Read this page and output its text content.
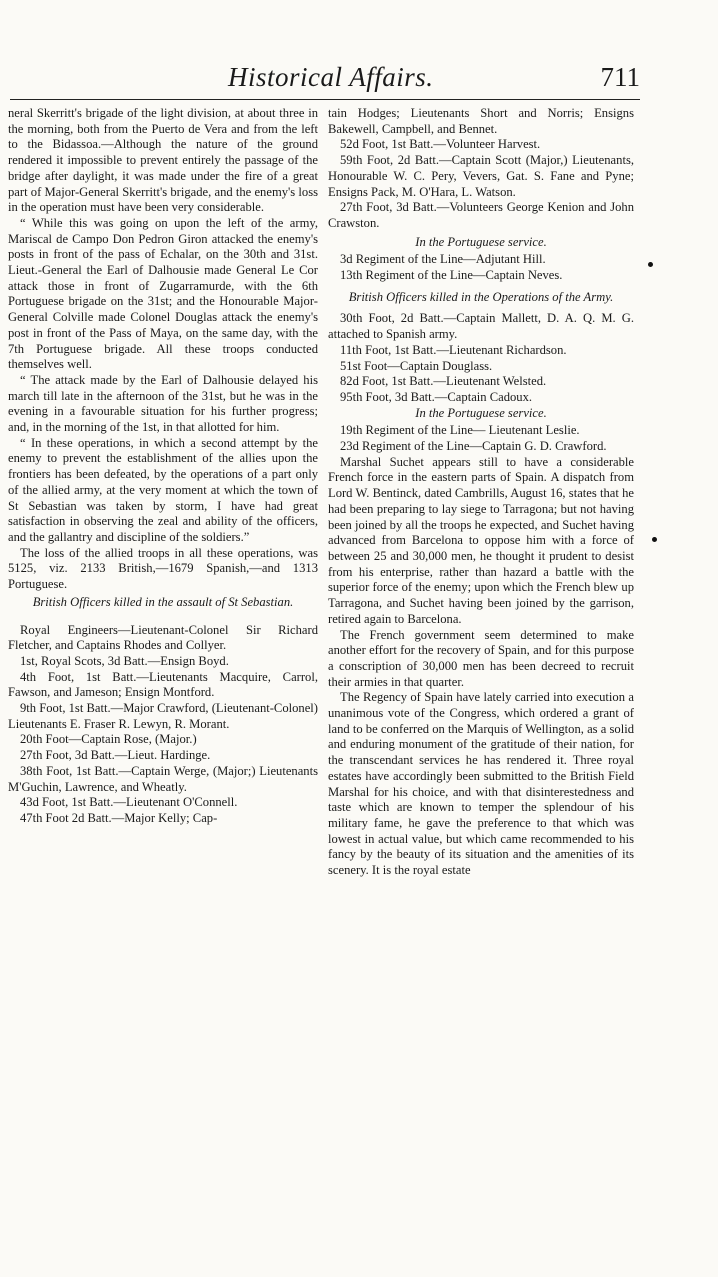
Historical Affairs.	711

neral Skerritt's brigade of the light division, at about three in the morning, both from the Puerto de Vera and from the left to the Bidassoa.—Although the nature of the ground rendered it impossible to prevent entirely the passage of the bridge after daylight, it was made under the fire of a great part of Major-General Skerritt's brigade, and the enemy's loss in the operation must have been very considerable.

“ While this was going on upon the left of the army, Mariscal de Campo Don Pedron Giron attacked the enemy's posts in front of the pass of Echalar, on the 30th and 31st. Lieut.-General the Earl of Dalhousie made General Le Cor attack those in front of Zugarramurde, with the 6th Portuguese brigade on the 31st; and the Honourable Major-General Colville made Colonel Douglas attack the enemy's post in front of the Pass of Maya, on the same day, with the 7th Portuguese brigade. All these troops conducted themselves well.

“ The attack made by the Earl of Dalhousie delayed his march till late in the afternoon of the 31st, but he was in the evening in a favourable situation for his further progress; and, in the morning of the 1st, in that allotted for him.

“ In these operations, in which a second attempt by the enemy to prevent the establishment of the allies upon the frontiers has been defeated, by the operations of a part only of the allied army, at the very moment at which the town of St Sebastian was taken by storm, I have had great satisfaction in observing the zeal and ability of the officers, and the gallantry and discipline of the soldiers.”

The loss of the allied troops in all these operations, was 5125, viz. 2133 British,—1679 Spanish,—and 1313 Portuguese.

British Officers killed in the assault of St Sebastian.

Royal Engineers—Lieutenant-Colonel Sir Richard Fletcher, and Captains Rhodes and Collyer.

1st, Royal Scots, 3d Batt.—Ensign Boyd.

4th Foot, 1st Batt.—Lieutenants Macquire, Carrol, Fawson, and Jameson; Ensign Montford.

9th Foot, 1st Batt.—Major Crawford, (Lieutenant-Colonel) Lieutenants E. Fraser R. Lewyn, R. Morant.

20th Foot—Captain Rose, (Major.)

27th Foot, 3d Batt.—Lieut. Hardinge.

38th Foot, 1st Batt.—Captain Werge, (Major;) Lieutenants M'Guchin, Lawrence, and Wheatly.

43d Foot, 1st Batt.—Lieutenant O'Connell.

47th Foot 2d Batt.—Major Kelly; Cap-

tain Hodges; Lieutenants Short and Norris; Ensigns Bakewell, Campbell, and Bennet.

52d Foot, 1st Batt.—Volunteer Harvest.

59th Foot, 2d Batt.—Captain Scott (Major,) Lieutenants, Honourable W. C. Pery, Vevers, Gat. S. Fane and Pyne; Ensigns Pack, M. O'Hara, L. Watson.

27th Foot, 3d Batt.—Volunteers George Kenion and John Crawston.

In the Portuguese service.

3d Regiment of the Line—Adjutant Hill.

13th Regiment of the Line—Captain Neves.

British Officers killed in the Operations of the Army.

30th Foot, 2d Batt.—Captain Mallett, D. A. Q. M. G. attached to Spanish army.

11th Foot, 1st Batt.—Lieutenant Richardson.

51st Foot—Captain Douglass.

82d Foot, 1st Batt.—Lieutenant Welsted.

95th Foot, 3d Batt.—Captain Cadoux.

In the Portuguese service.

19th Regiment of the Line— Lieutenant Leslie.

23d Regiment of the Line—Captain G. D. Crawford.

Marshal Suchet appears still to have a considerable French force in the eastern parts of Spain. A dispatch from Lord W. Bentinck, dated Cambrills, August 16, states that he had been preparing to lay siege to Tarragona; but not having been joined by all the troops he expected, and Suchet having advanced from Barcelona to oppose him with a force of between 25 and 30,000 men, he thought it prudent to desist from his enterprise, rather than hazard a battle with the superior force of the enemy; upon which the French blew up Tarragona, and Suchet having been joined by the garrison, retired again to Barcelona.

The French government seem determined to make another effort for the recovery of Spain, and for this purpose a conscription of 30,000 men has been decreed to recruit their armies in that quarter.

The Regency of Spain have lately carried into execution a unanimous vote of the Congress, which ordered a grant of land to be conferred on the Marquis of Wellington, as a solid and enduring monument of the gratitude of their nation, for the transcendant services he has rendered it. Three royal estates have accordingly been submitted to the British Field Marshal for his choice, and with that disinterestedness and taste which are known to temper the splendour of his military fame, he gave the preference to that which was lowest in actual value, but which came recommended to his fancy by the beauty of its situation and the amenities of its scenery. It is the royal estate
